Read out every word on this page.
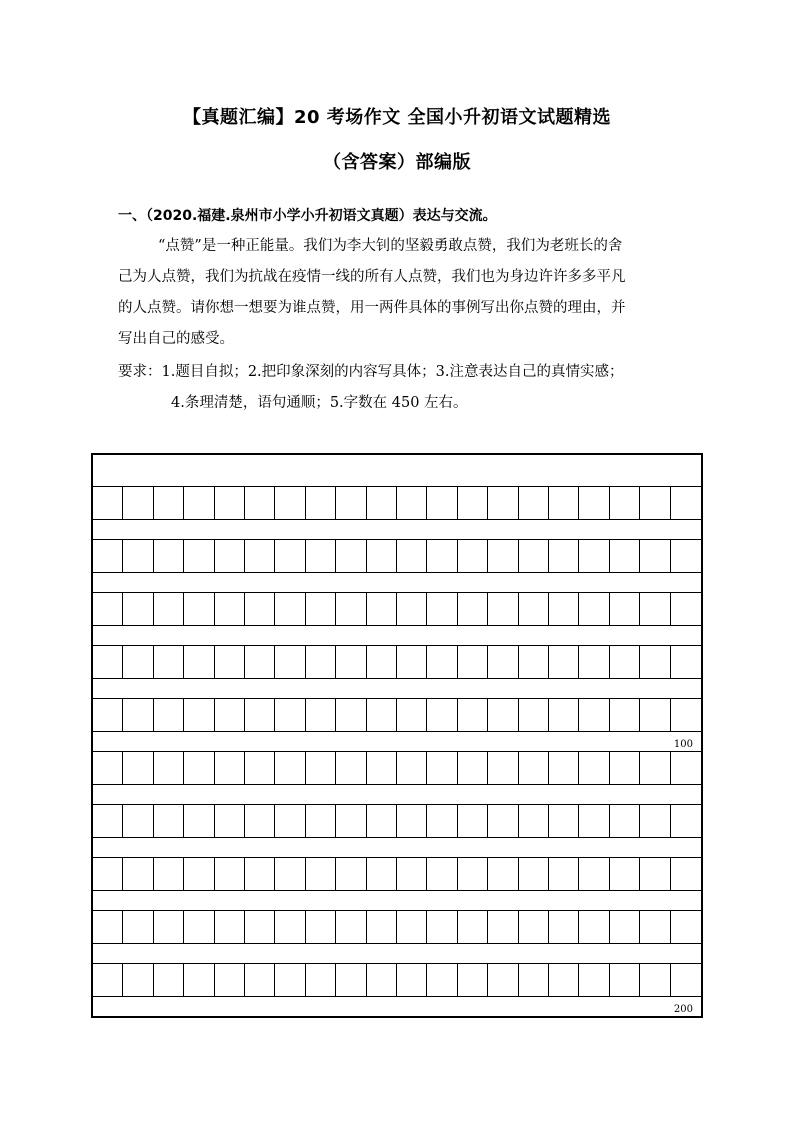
【真题汇编】20 考场作文 全国小升初语文试题精选
（含答案）部编版
一、（2020.福建.泉州市小学小升初语文真题）表达与交流。
“点赞”是一种正能量。我们为李大钊的坚毅勇敢点赞，我们为老班长的舍
己为人点赞，我们为抗战在疫情一线的所有人点赞，我们也为身边许许多多平凡
的人点赞。请你想一想要为谁点赞，用一两件具体的事例写出你点赞的理由，并
写出自己的感受。
要求：1.题目自拟；2.把印象深刻的内容写具体；3.注意表达自己的真情实感；
4.条理清楚，语句通顺；5.字数在 450 左右。
100
200
